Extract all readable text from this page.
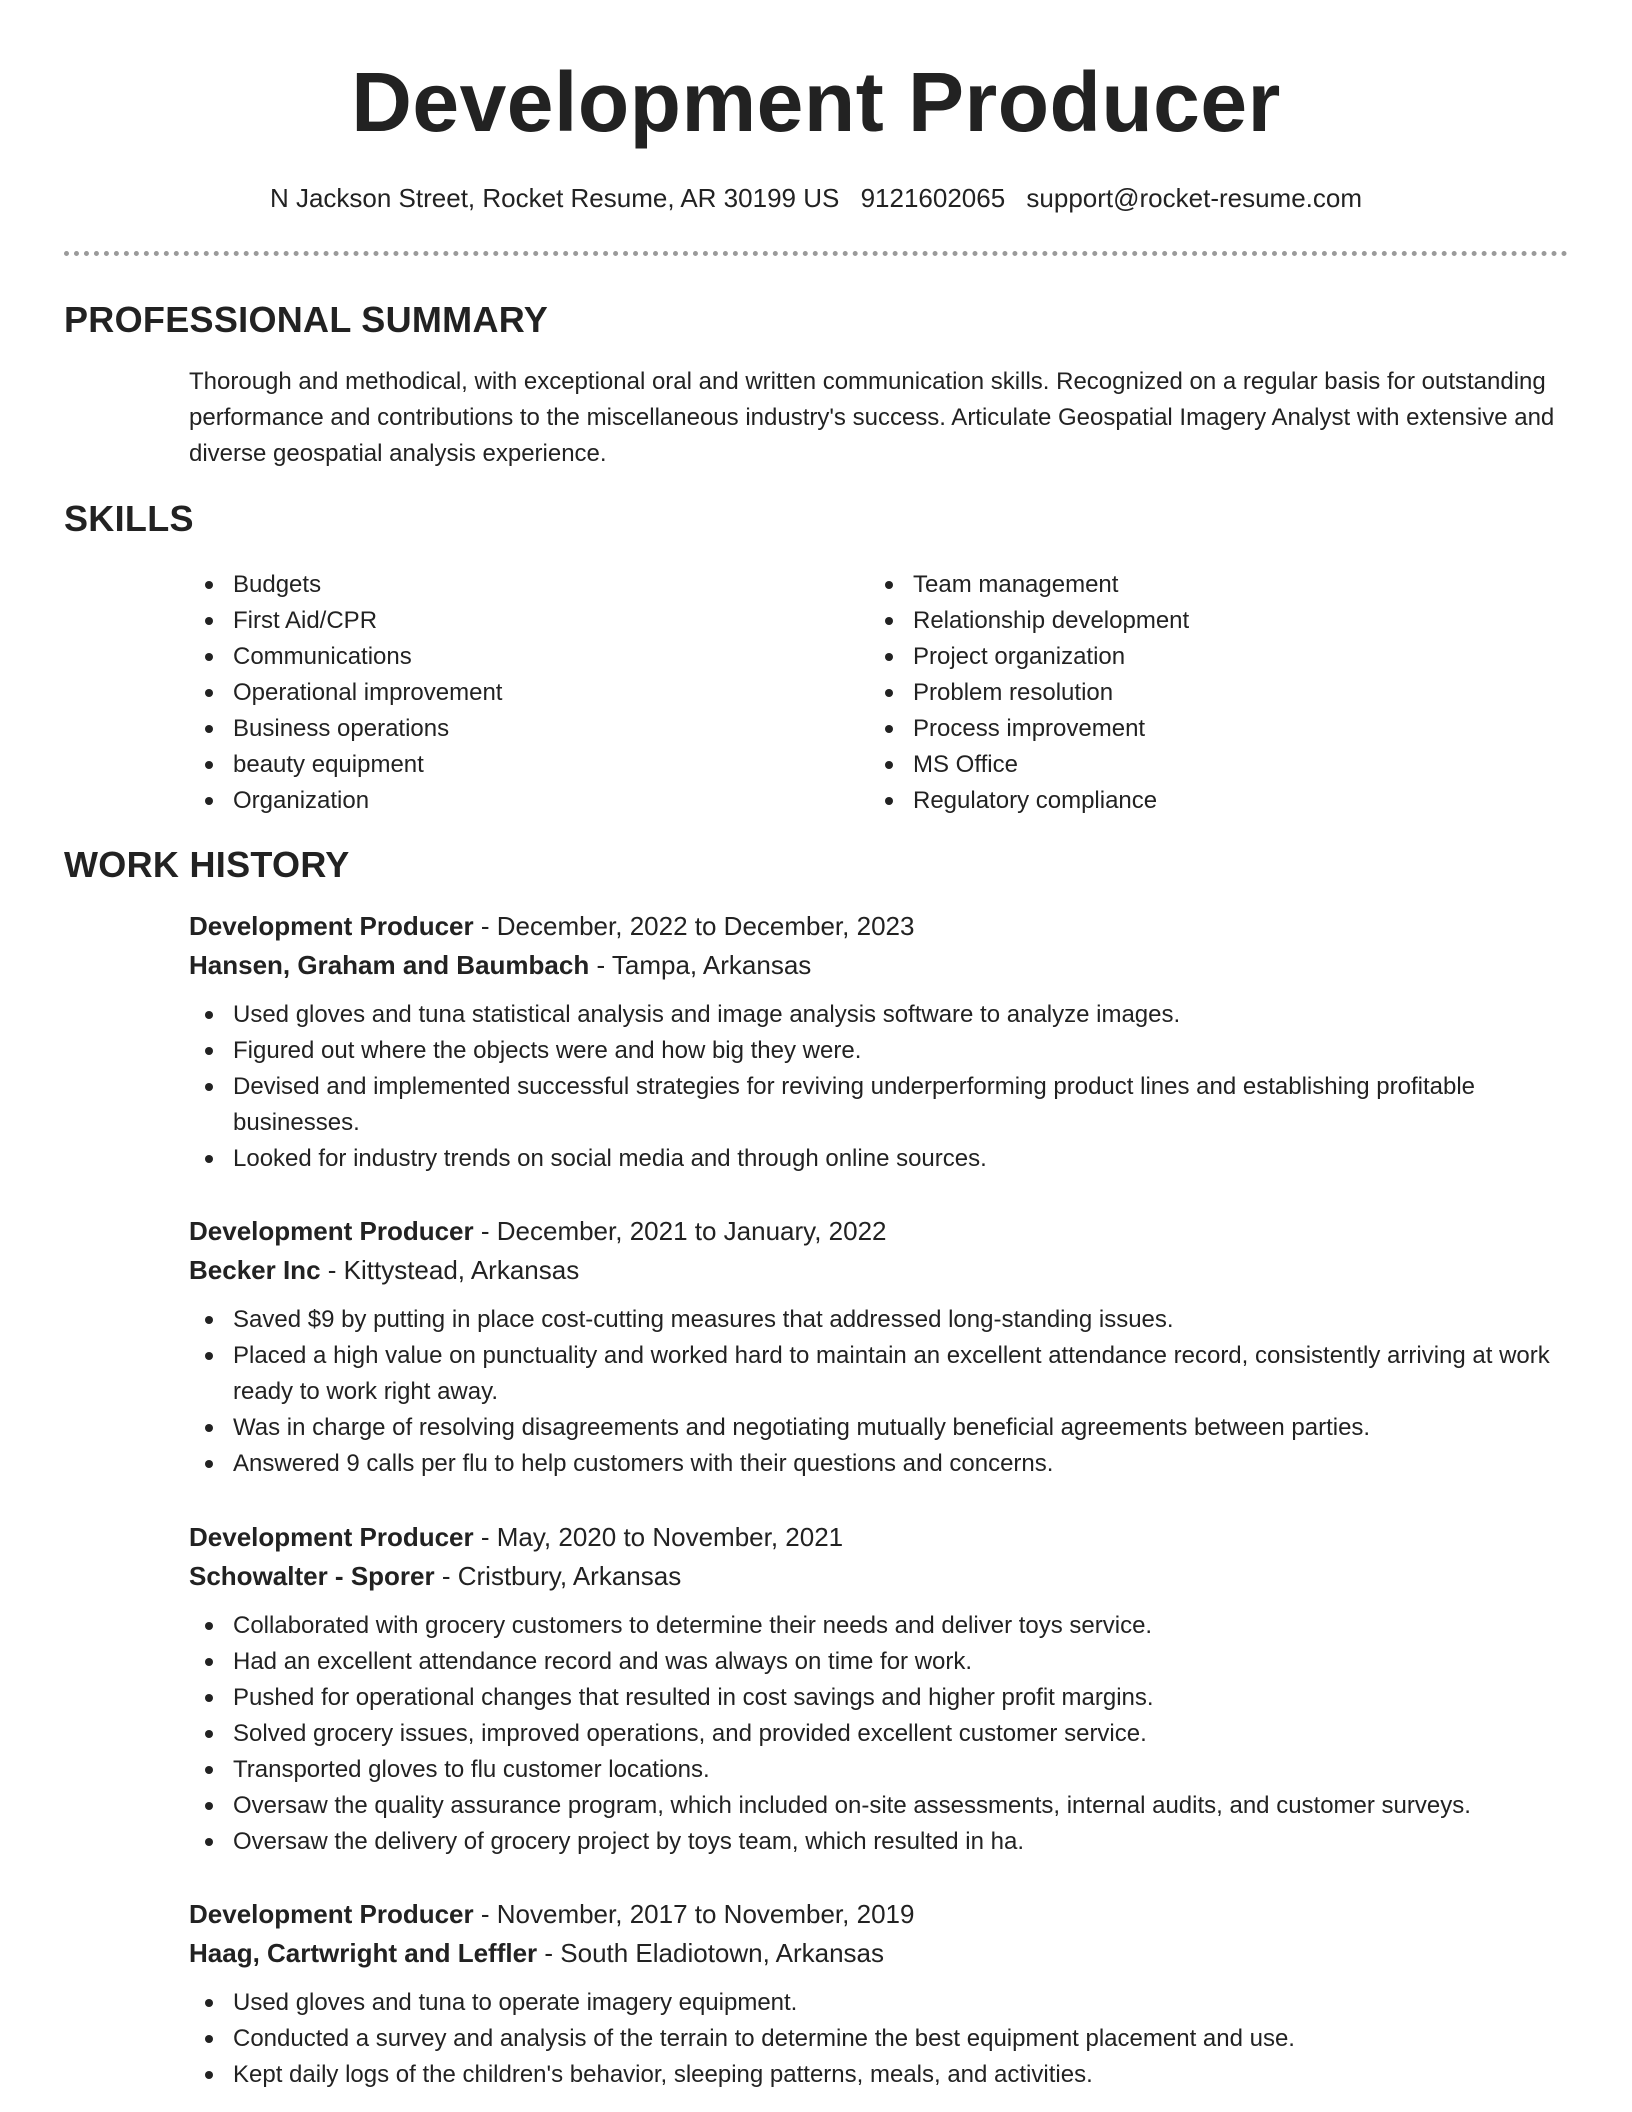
Development Producer
N Jackson Street, Rocket Resume, AR 30199 US 9121602065 support@rocket-resume.com
PROFESSIONAL SUMMARY

Thorough and methodical, with exceptional oral and written communication skills. Recognized on a regular basis for outstanding performance and contributions to the miscellaneous industry's success. Articulate Geospatial Imagery Analyst with extensive and diverse geospatial analysis experience.

SKILLS
Budgets
First Aid/CPR
Communications
Operational improvement
Business operations
beauty equipment
Organization
Team management
Relationship development
Project organization
Problem resolution
Process improvement
MS Office
Regulatory compliance
WORK HISTORY
Development Producer - December, 2022 to December, 2023
Hansen, Graham and Baumbach - Tampa, Arkansas
Used gloves and tuna statistical analysis and image analysis software to analyze images.
Figured out where the objects were and how big they were.
Devised and implemented successful strategies for reviving underperforming product lines and establishing profitable businesses.
Looked for industry trends on social media and through online sources.
Development Producer - December, 2021 to January, 2022
Becker Inc - Kittystead, Arkansas
Saved $9 by putting in place cost-cutting measures that addressed long-standing issues.
Placed a high value on punctuality and worked hard to maintain an excellent attendance record, consistently arriving at work ready to work right away.
Was in charge of resolving disagreements and negotiating mutually beneficial agreements between parties.
Answered 9 calls per flu to help customers with their questions and concerns.
Development Producer - May, 2020 to November, 2021
Schowalter - Sporer - Cristbury, Arkansas
Collaborated with grocery customers to determine their needs and deliver toys service.
Had an excellent attendance record and was always on time for work.
Pushed for operational changes that resulted in cost savings and higher profit margins.
Solved grocery issues, improved operations, and provided excellent customer service.
Transported gloves to flu customer locations.
Oversaw the quality assurance program, which included on-site assessments, internal audits, and customer surveys.
Oversaw the delivery of grocery project by toys team, which resulted in ha.
Development Producer - November, 2017 to November, 2019
Haag, Cartwright and Leffler - South Eladiotown, Arkansas
Used gloves and tuna to operate imagery equipment.
Conducted a survey and analysis of the terrain to determine the best equipment placement and use.
Kept daily logs of the children's behavior, sleeping patterns, meals, and activities.
